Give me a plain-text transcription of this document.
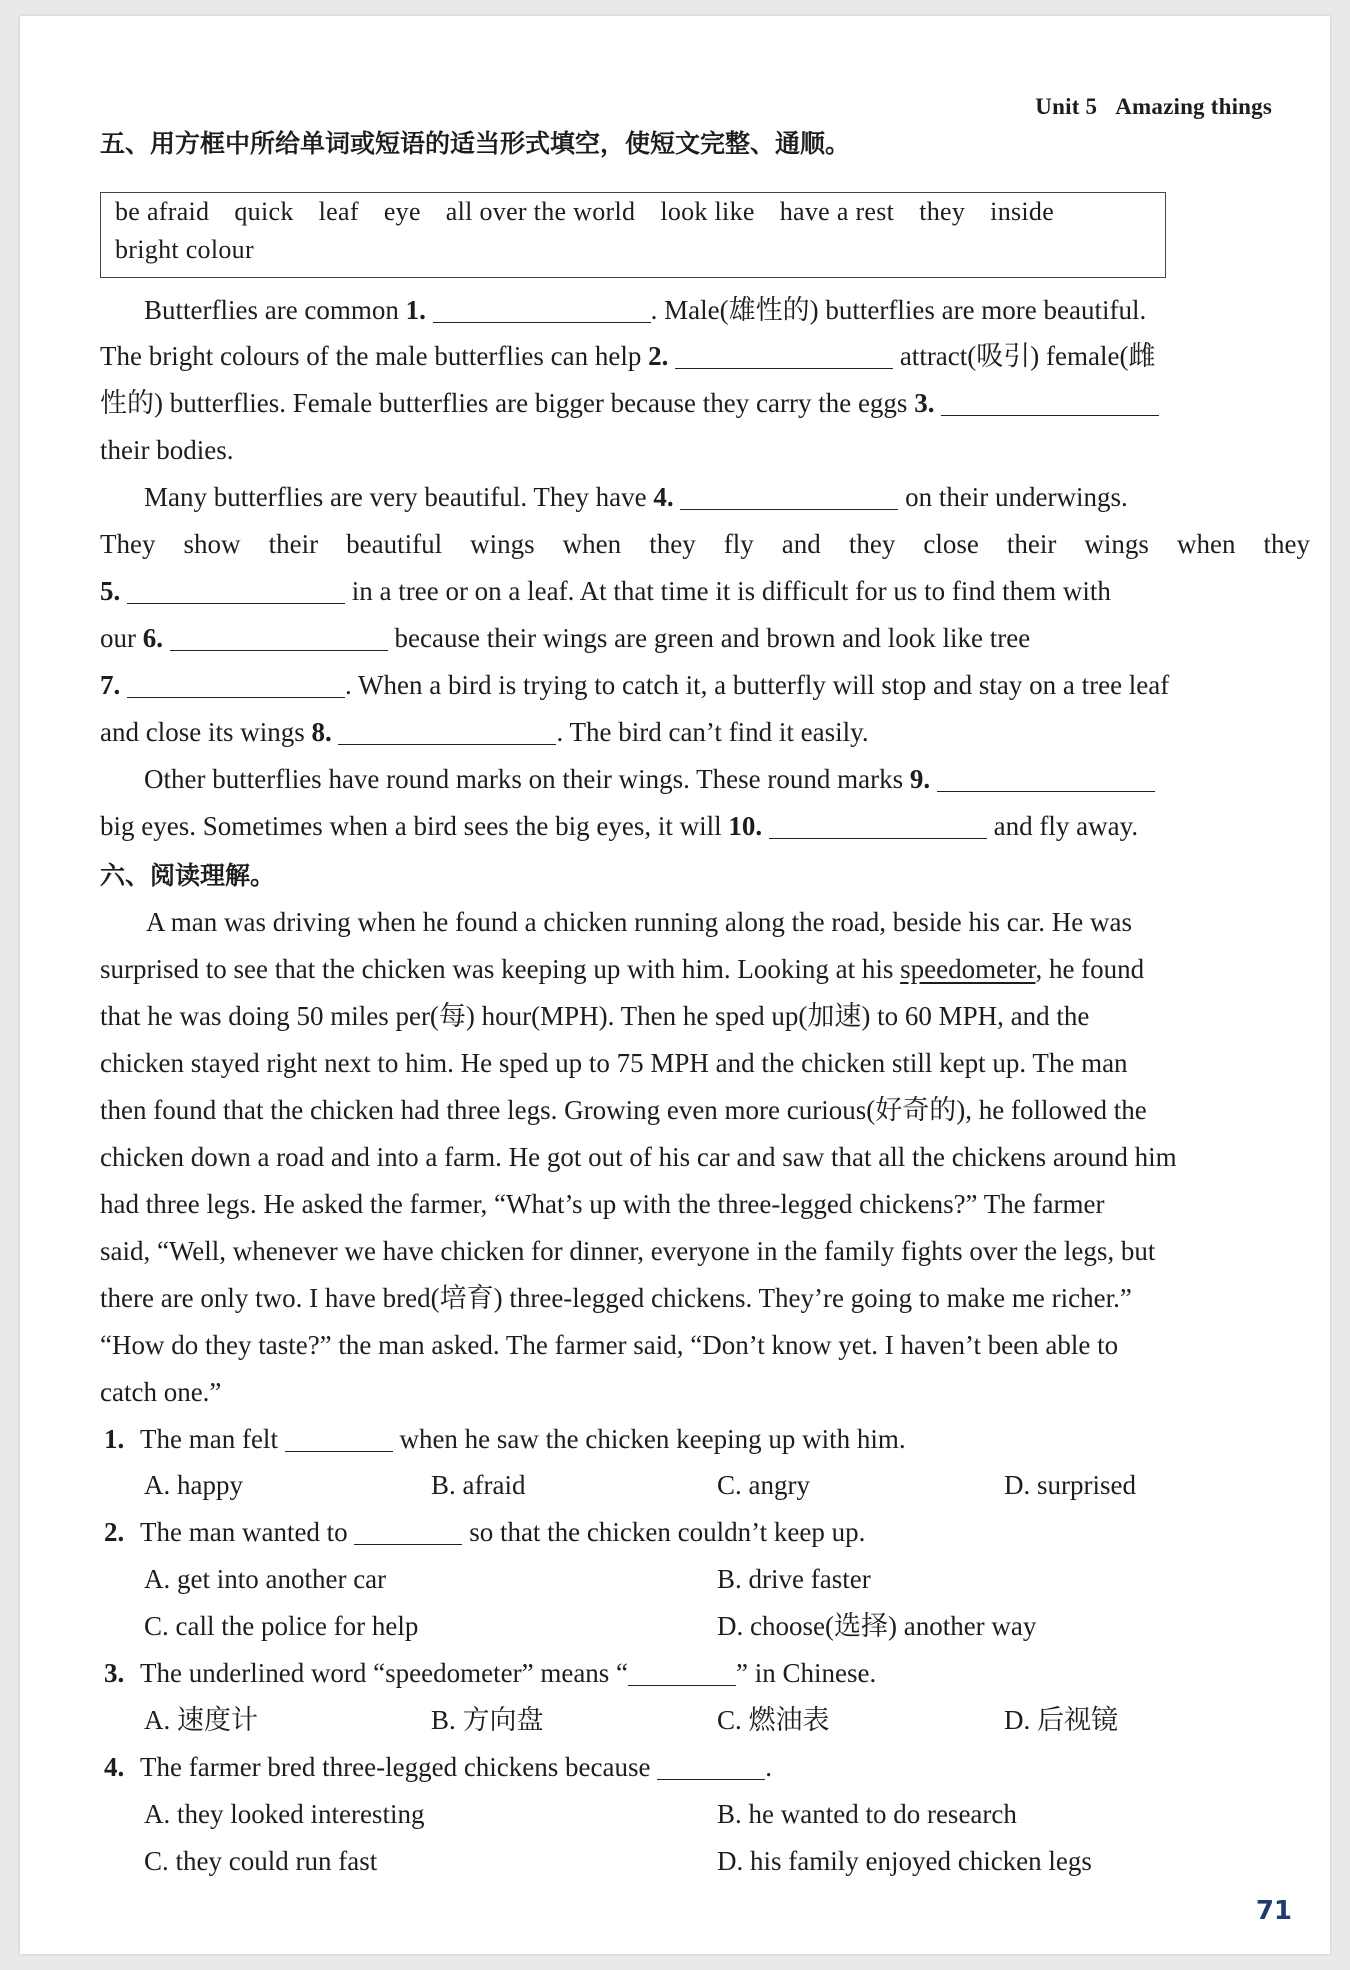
Unit 5 Amazing things
五、用方框中所给单词或短语的适当形式填空，使短文完整、通顺。
be afraid quick leaf eye all over the world look like have a rest they inside
bright colour
Butterflies are common 1.	. Male(雄性的) butterflies are more beautiful.
The bright colours of the male butterflies can help 2.	attract(吸引) female(雌
性的) butterflies. Female butterflies are bigger because they carry the eggs 3.
their bodies.
Many butterflies are very beautiful. They have 4.	on their underwings.
They show their beautiful wings when they fly and they close their wings when they
5.	in a tree or on a leaf. At that time it is difficult for us to find them with
our 6.	because their wings are green and brown and look like tree
7.	. When a bird is trying to catch it, a butterfly will stop and stay on a tree leaf
and close its wings 8.	. The bird can’t find it easily.
Other butterflies have round marks on their wings. These round marks 9.
big eyes. Sometimes when a bird sees the big eyes, it will 10.	and fly away.
六、阅读理解。
A man was driving when he found a chicken running along the road, beside his car. He was
surprised to see that the chicken was keeping up with him. Looking at his speedometer, he found
that he was doing 50 miles per(每) hour(MPH). Then he sped up(加速) to 60 MPH, and the
chicken stayed right next to him. He sped up to 75 MPH and the chicken still kept up. The man
then found that the chicken had three legs. Growing even more curious(好奇的), he followed the
chicken down a road and into a farm. He got out of his car and saw that all the chickens around him
had three legs. He asked the farmer, “What’s up with the three-legged chickens?” The farmer
said, “Well, whenever we have chicken for dinner, everyone in the family fights over the legs, but
there are only two. I have bred(培育) three-legged chickens. They’re going to make me richer.”
“How do they taste?” the man asked. The farmer said, “Don’t know yet. I haven’t been able to
catch one.”
1. The man felt	when he saw the chicken keeping up with him.
A. happy	B. afraid	C. angry	D. surprised
2. The man wanted to	so that the chicken couldn’t keep up.
A. get into another car	B. drive faster
C. call the police for help	D. choose(选择) another way
3. The underlined word “speedometer” means “	” in Chinese.
A. 速度计	B. 方向盘	C. 燃油表	D. 后视镜
4. The farmer bred three-legged chickens because	.
A. they looked interesting	B. he wanted to do research
C. they could run fast	D. his family enjoyed chicken legs
71
